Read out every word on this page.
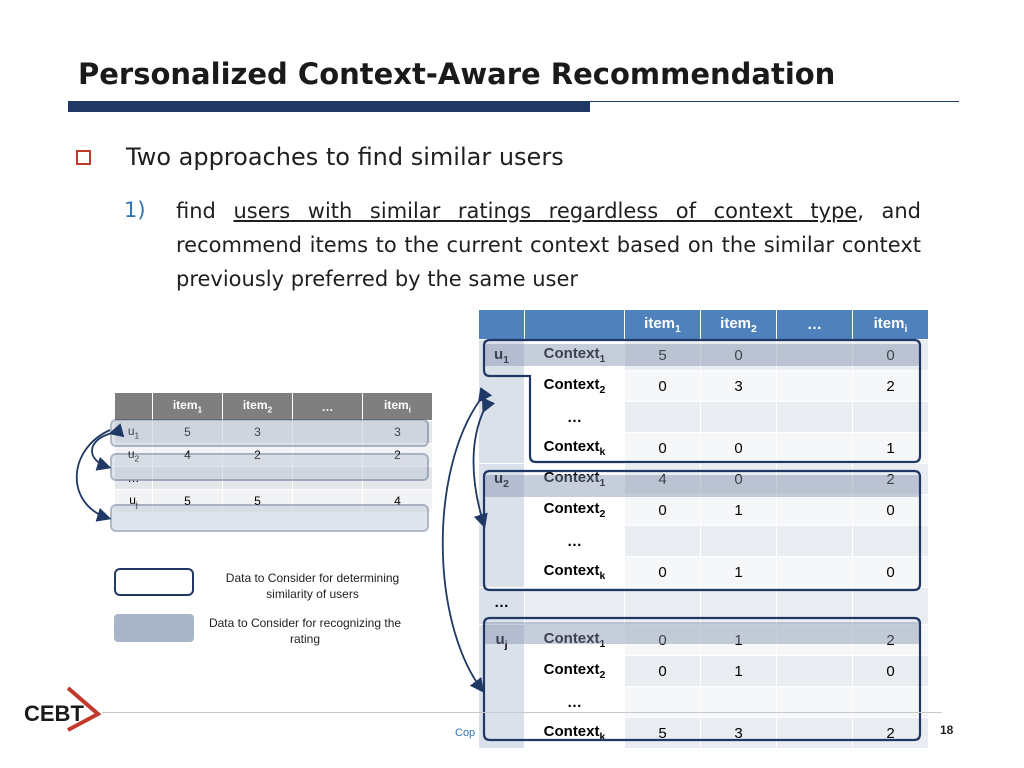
Personalized Context-Aware Recommendation
Two approaches to find similar users
1) find users with similar ratings regardless of context type, and recommend items to the current context based on the similar context previously preferred by the same user
	item$_1$	item$_2$	…	item$_i$
$u_1$	5	3		3
$u_2$	4	2		2
…				
$u_j$	5	5		4
		item$_1$	item$_2$	…	item$_i$
$u_1$	Context$_1$	5	0		0
	Context$_2$	0	3		2
	…				
	Context$_k$	0	0		1
$u_2$	Context$_1$	4	0		2
	Context$_2$	0	1		0
	…				
	Context$_k$	0	1		0
…					
$u_j$	Context$_1$	0	1		2
	Context$_2$	0	1		0
	…				
	Context$_k$	5	3		2
Data to Consider for determining similarity of users
Data to Consider for recognizing the rating
CEBT
Cop	18
